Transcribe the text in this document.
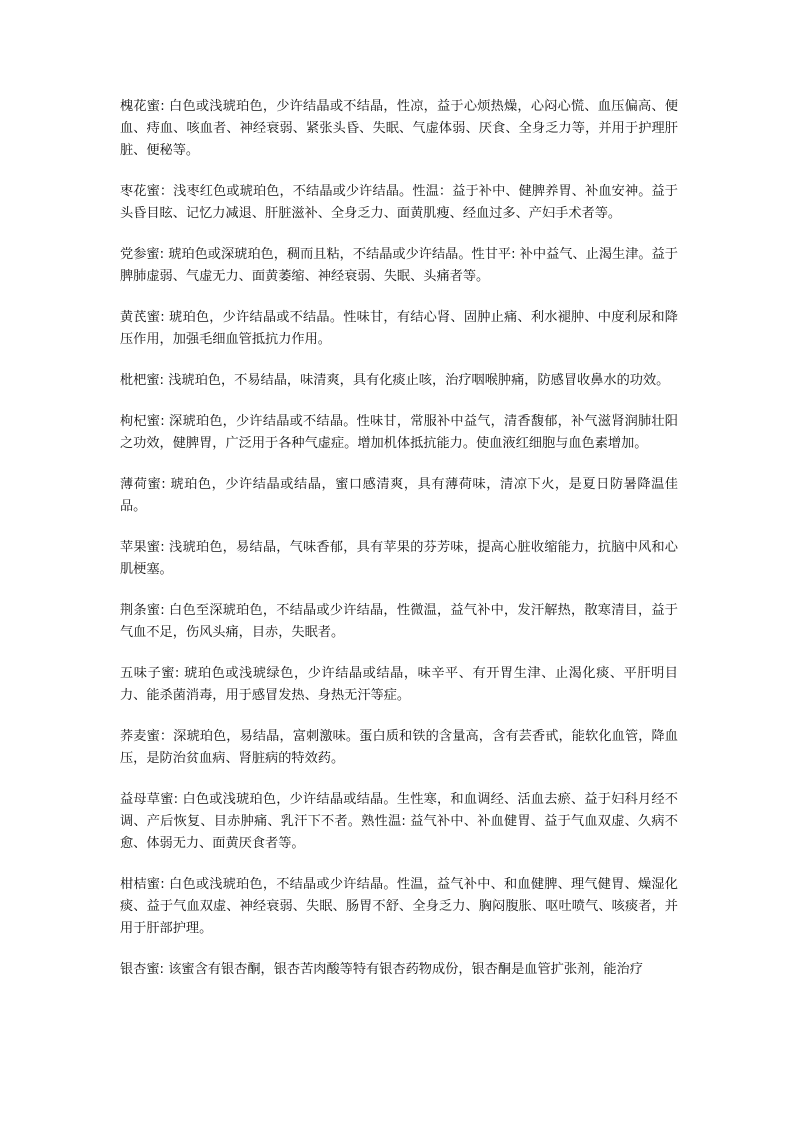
槐花蜜: 白色或浅琥珀色，少许结晶或不结晶，性凉，益于心烦热燥，心闷心慌、血压偏高、便血、痔血、咳血者、神经衰弱、紧张头昏、失眠、气虚体弱、厌食、全身乏力等，并用于护理肝脏、便秘等。

枣花蜜：浅枣红色或琥珀色，不结晶或少许结晶。性温：益于补中、健脾养胃、补血安神。益于头昏目眩、记忆力减退、肝脏滋补、全身乏力、面黄肌瘦、经血过多、产妇手术者等。

党参蜜: 琥珀色或深琥珀色，稠而且粘，不结晶或少许结晶。性甘平: 补中益气、止渴生津。益于脾肺虚弱、气虚无力、面黄萎缩、神经衰弱、失眠、头痛者等。

黄芪蜜: 琥珀色，少许结晶或不结晶。性味甘，有结心肾、固肿止痛、利水褪肿、中度利尿和降压作用，加强毛细血管抵抗力作用。

枇杷蜜: 浅琥珀色，不易结晶，味清爽，具有化痰止咳，治疗咽喉肿痛，防感冒收鼻水的功效。

枸杞蜜: 深琥珀色，少许结晶或不结晶。性味甘，常服补中益气，清香馥郁，补气滋肾润肺壮阳之功效，健脾胃，广泛用于各种气虚症。增加机体抵抗能力。使血液红细胞与血色素增加。

薄荷蜜: 琥珀色，少许结晶或结晶，蜜口感清爽，具有薄荷味，清凉下火，是夏日防暑降温佳品。

苹果蜜: 浅琥珀色，易结晶，气味香郁，具有苹果的芬芳味，提高心脏收缩能力，抗脑中风和心肌梗塞。

荆条蜜: 白色至深琥珀色，不结晶或少许结晶，性微温，益气补中，发汗解热，散寒清目，益于气血不足，伤风头痛，目赤，失眠者。

五味子蜜: 琥珀色或浅琥绿色，少许结晶或结晶，味辛平、有开胃生津、止渴化痰、平肝明目力、能杀菌消毒，用于感冒发热、身热无汗等症。

荞麦蜜：深琥珀色，易结晶，富刺激味。蛋白质和铁的含量高，含有芸香甙，能软化血管，降血压，是防治贫血病、肾脏病的特效药。

益母草蜜: 白色或浅琥珀色，少许结晶或结晶。生性寒，和血调经、活血去瘀、益于妇科月经不调、产后恢复、目赤肿痛、乳汗下不者。熟性温: 益气补中、补血健胃、益于气血双虚、久病不愈、体弱无力、面黄厌食者等。

柑桔蜜: 白色或浅琥珀色，不结晶或少许结晶。性温，益气补中、和血健脾、理气健胃、燥湿化痰、益于气血双虚、神经衰弱、失眠、肠胃不舒、全身乏力、胸闷腹胀、呕吐喷气、咳痰者，并用于肝部护理。

银杏蜜: 该蜜含有银杏酮，银杏苦肉酸等特有银杏药物成份，银杏酮是血管扩张剂，能治疗
